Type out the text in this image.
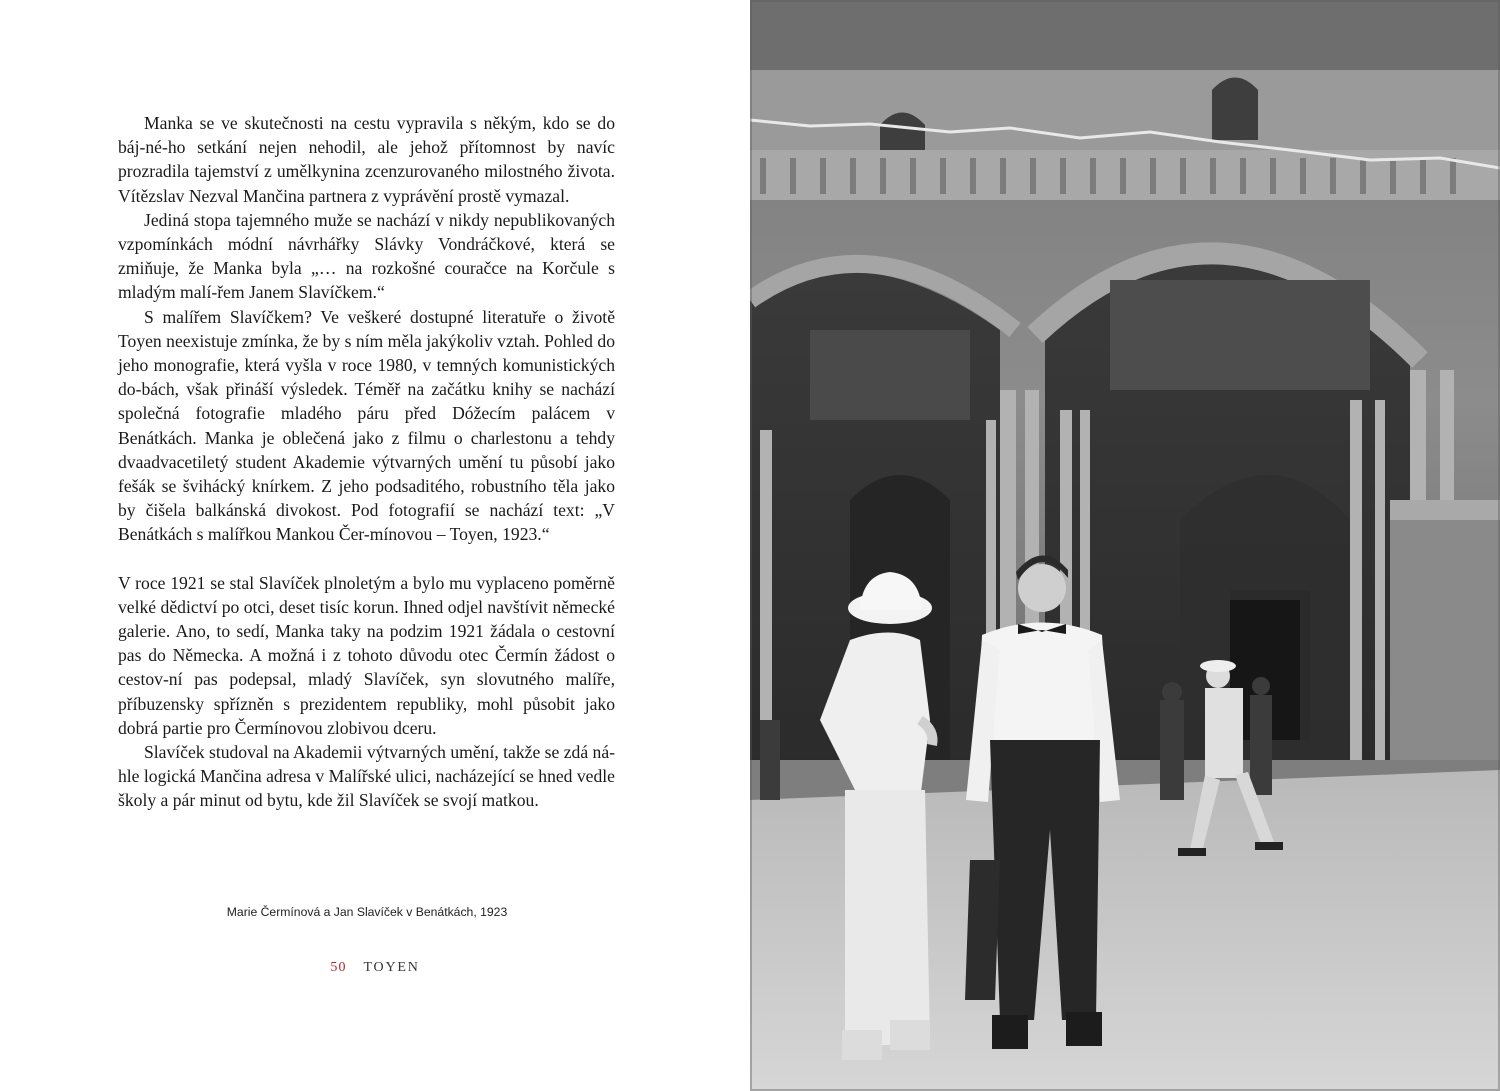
Manka se ve skutečnosti na cestu vypravila s někým, kdo se do báj-né-ho setkání nejen nehodil, ale jehož přítomnost by navíc prozradila tajemství z umělkynina zcenzurovaného milostného života. Vítězslav Nezval Mančina partnera z vyprávění prostě vymazal.

Jediná stopa tajemného muže se nachází v nikdy nepublikovaných vzpomínkách módní návrhářky Slávky Vondráčkové, která se zmiňuje, že Manka byla „… na rozkošné couračce na Korčule s mladým malí-řem Janem Slavíčkem.“

S malířem Slavíčkem? Ve veškeré dostupné literatuře o životě Toyen neexistuje zmínka, že by s ním měla jakýkoliv vztah. Pohled do jeho monografie, která vyšla v roce 1980, v temných komunistických do-bách, však přináší výsledek. Téměř na začátku knihy se nachází společná fotografie mladého páru před Dóžecím palácem v Benátkách. Manka je oblečená jako z filmu o charlestonu a tehdy dvaadvacetiletý student Akademie výtvarných umění tu působí jako fešák se švihácký knírkem. Z jeho podsaditého, robustního těla jako by čišela balkánská divokost. Pod fotografií se nachází text: „V Benátkách s malířkou Mankou Čer-mínovou – Toyen, 1923.“

V roce 1921 se stal Slavíček plnoletým a bylo mu vyplaceno poměrně velké dědictví po otci, deset tisíc korun. Ihned odjel navštívit německé galerie. Ano, to sedí, Manka taky na podzim 1921 žádala o cestovní pas do Německa. A možná i z tohoto důvodu otec Čermín žádost o cestov-ní pas podepsal, mladý Slavíček, syn slovutného malíře, příbuzensky spřízněn s prezidentem republiky, mohl působit jako dobrá partie pro Čermínovou zlobivou dceru.

Slavíček studoval na Akademii výtvarných umění, takže se zdá ná-hle logická Mančina adresa v Malířské ulici, nacházející se hned vedle školy a pár minut od bytu, kde žil Slavíček se svojí matkou.

Marie Čermínová a Jan Slavíček v Benátkách, 1923
50 TOYEN
